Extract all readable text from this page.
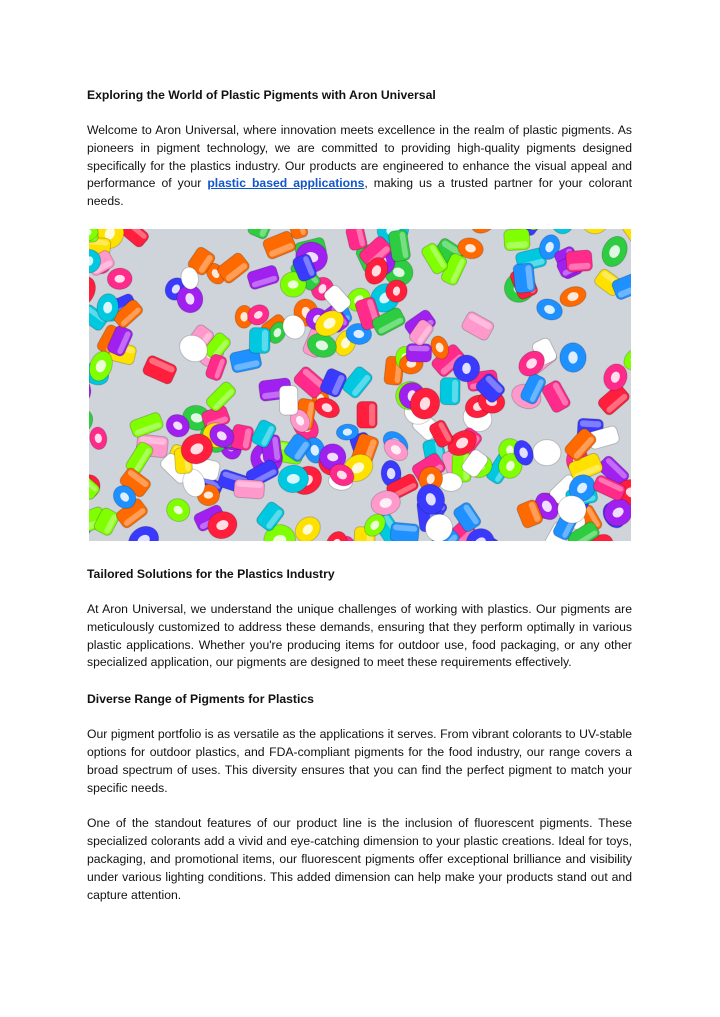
Exploring the World of Plastic Pigments with Aron Universal

Welcome to Aron Universal, where innovation meets excellence in the realm of plastic pigments. As pioneers in pigment technology, we are committed to providing high-quality pigments designed specifically for the plastics industry. Our products are engineered to enhance the visual appeal and performance of your plastic based applications, making us a trusted partner for your colorant needs.

Tailored Solutions for the Plastics Industry

At Aron Universal, we understand the unique challenges of working with plastics. Our pigments are meticulously customized to address these demands, ensuring that they perform optimally in various plastic applications. Whether you're producing items for outdoor use, food packaging, or any other specialized application, our pigments are designed to meet these requirements effectively.

Diverse Range of Pigments for Plastics

Our pigment portfolio is as versatile as the applications it serves. From vibrant colorants to UV-stable options for outdoor plastics, and FDA-compliant pigments for the food industry, our range covers a broad spectrum of uses. This diversity ensures that you can find the perfect pigment to match your specific needs.

One of the standout features of our product line is the inclusion of fluorescent pigments. These specialized colorants add a vivid and eye-catching dimension to your plastic creations. Ideal for toys, packaging, and promotional items, our fluorescent pigments offer exceptional brilliance and visibility under various lighting conditions. This added dimension can help make your products stand out and capture attention.
